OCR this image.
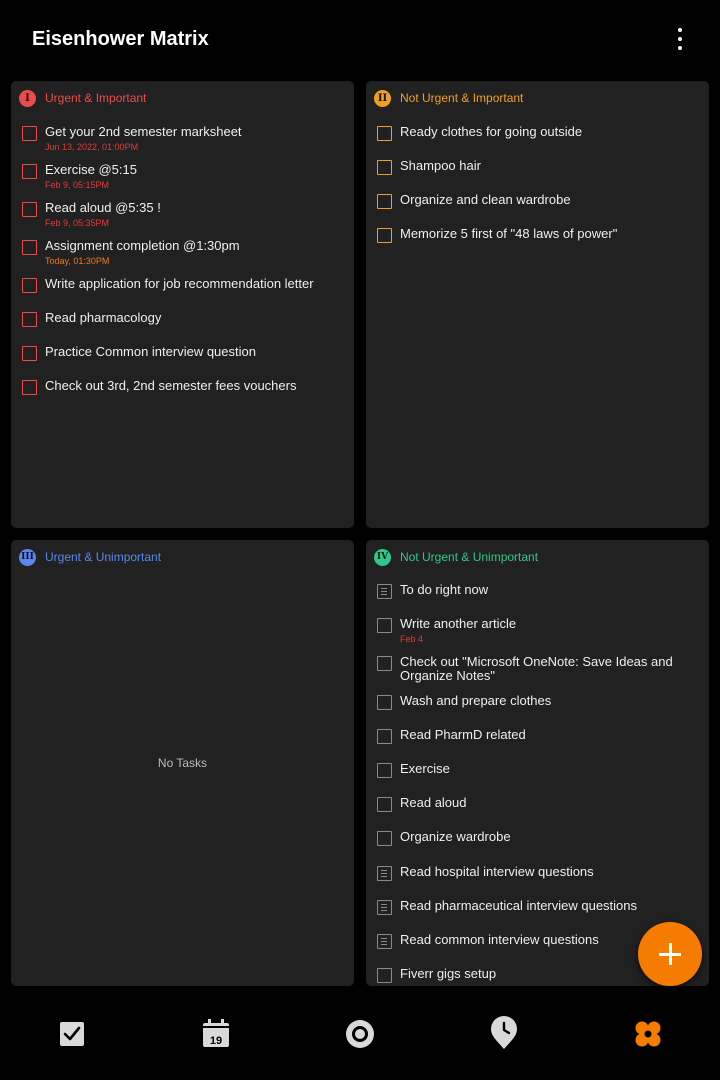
Eisenhower Matrix
I	Urgent & Important
Get your 2nd semester marksheet
Jun 13, 2022, 01:00PM
Exercise @5:15
Feb 9, 05:15PM
Read aloud @5:35 !
Feb 9, 05:35PM
Assignment completion @1:30pm
Today, 01:30PM
Write application for job recommendation letter
Read pharmacology
Practice Common interview question
Check out 3rd, 2nd semester fees vouchers
II	Not Urgent & Important
Ready clothes for going outside
Shampoo hair
Organize and clean wardrobe
Memorize 5 first of "48 laws of power"
III Urgent & Unimportant
No Tasks
IV Not Urgent & Unimportant
To do right now
Write another article
Feb 4
Check out "Microsoft OneNote: Save Ideas and Organize Notes"
Wash and prepare clothes
Read PharmD related
Exercise
Read aloud
Organize wardrobe
Read hospital interview questions
Read pharmaceutical interview questions
Read common interview questions
Fiverr gigs setup
19
